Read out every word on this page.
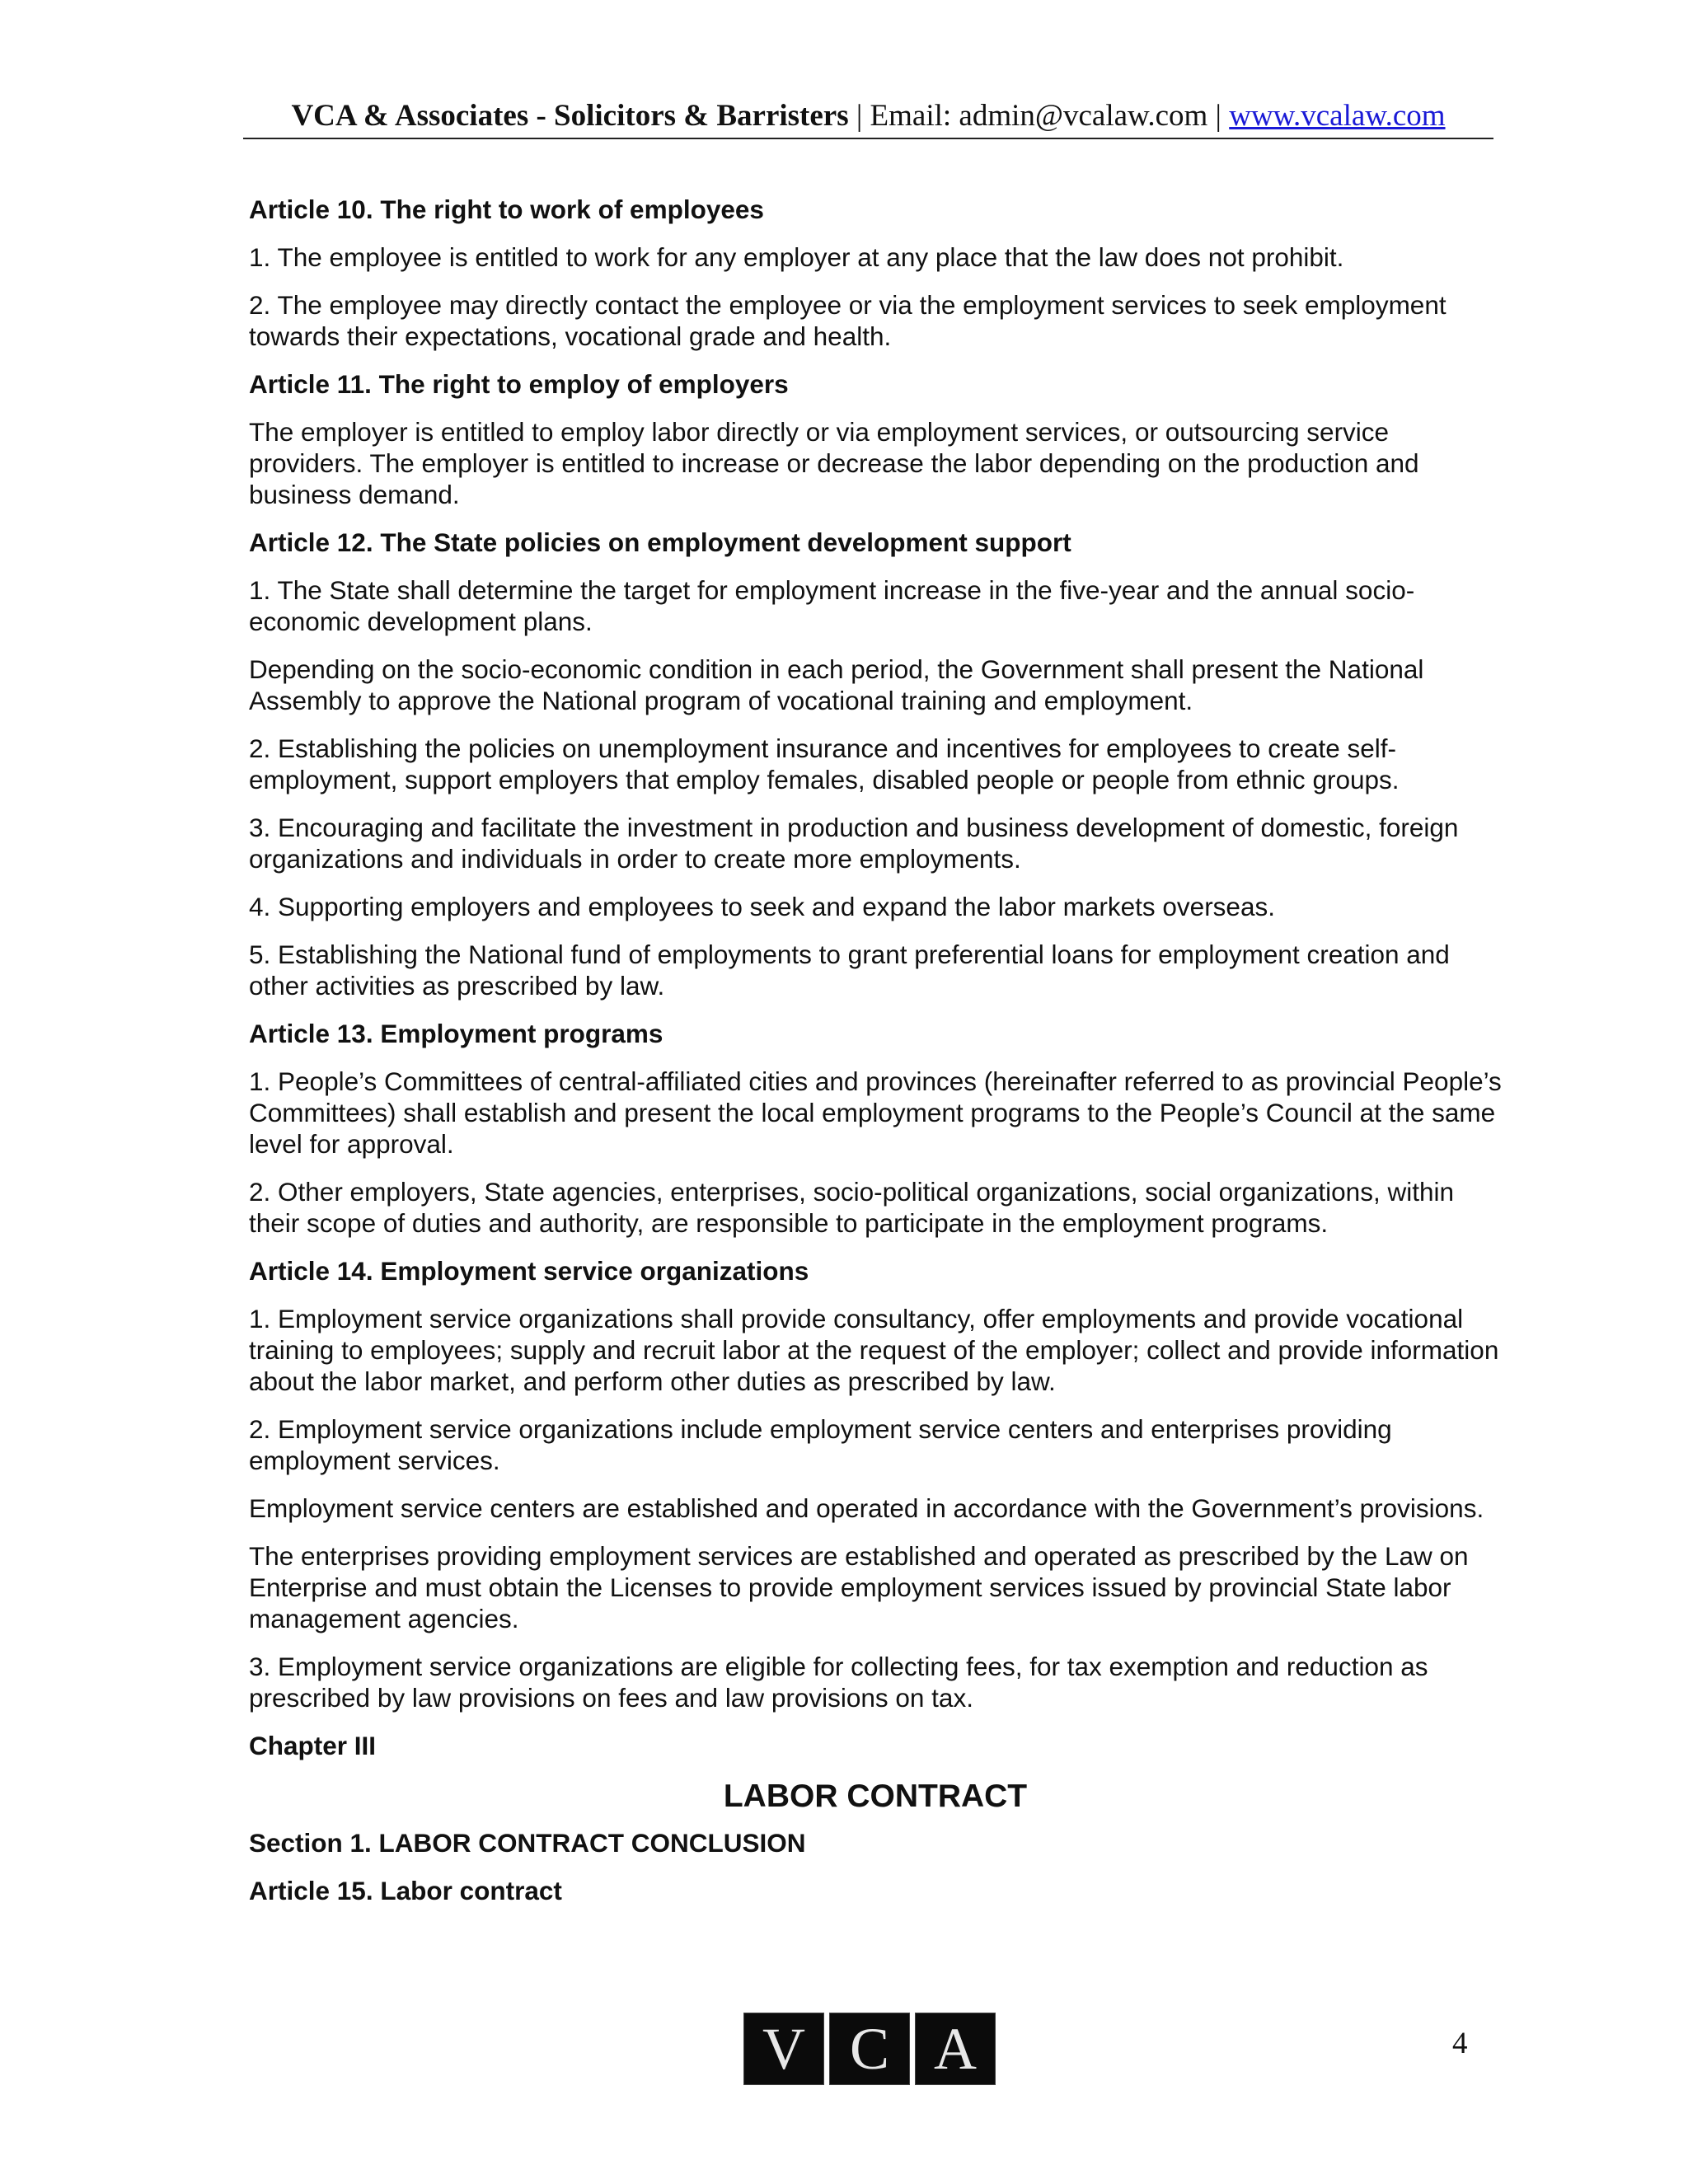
VCA & Associates - Solicitors & Barristers | Email: admin@vcalaw.com | www.vcalaw.com

Article 10. The right to work of employees

1. The employee is entitled to work for any employer at any place that the law does not prohibit.

2. The employee may directly contact the employee or via the employment services to seek employment towards their expectations, vocational grade and health.

Article 11. The right to employ of employers

The employer is entitled to employ labor directly or via employment services, or outsourcing service providers. The employer is entitled to increase or decrease the labor depending on the production and business demand.

Article 12. The State policies on employment development support

1. The State shall determine the target for employment increase in the five-year and the annual socio-economic development plans.

Depending on the socio-economic condition in each period, the Government shall present the National Assembly to approve the National program of vocational training and employment.

2. Establishing the policies on unemployment insurance and incentives for employees to create self-employment, support employers that employ females, disabled people or people from ethnic groups.

3. Encouraging and facilitate the investment in production and business development of domestic, foreign organizations and individuals in order to create more employments.

4. Supporting employers and employees to seek and expand the labor markets overseas.

5. Establishing the National fund of employments to grant preferential loans for employment creation and other activities as prescribed by law.

Article 13. Employment programs

1. People’s Committees of central-affiliated cities and provinces (hereinafter referred to as provincial People’s Committees) shall establish and present the local employment programs to the People’s Council at the same level for approval.

2. Other employers, State agencies, enterprises, socio-political organizations, social organizations, within their scope of duties and authority, are responsible to participate in the employment programs.

Article 14. Employment service organizations

1. Employment service organizations shall provide consultancy, offer employments and provide vocational training to employees; supply and recruit labor at the request of the employer; collect and provide information about the labor market, and perform other duties as prescribed by law.

2. Employment service organizations include employment service centers and enterprises providing employment services.

Employment service centers are established and operated in accordance with the Government’s provisions.

The enterprises providing employment services are established and operated as prescribed by the Law on Enterprise and must obtain the Licenses to provide employment services issued by provincial State labor management agencies.

3. Employment service organizations are eligible for collecting fees, for tax exemption and reduction as prescribed by law provisions on fees and law provisions on tax.

Chapter III

LABOR CONTRACT

Section 1. LABOR CONTRACT CONCLUSION

Article 15. Labor contract

V C A	4
